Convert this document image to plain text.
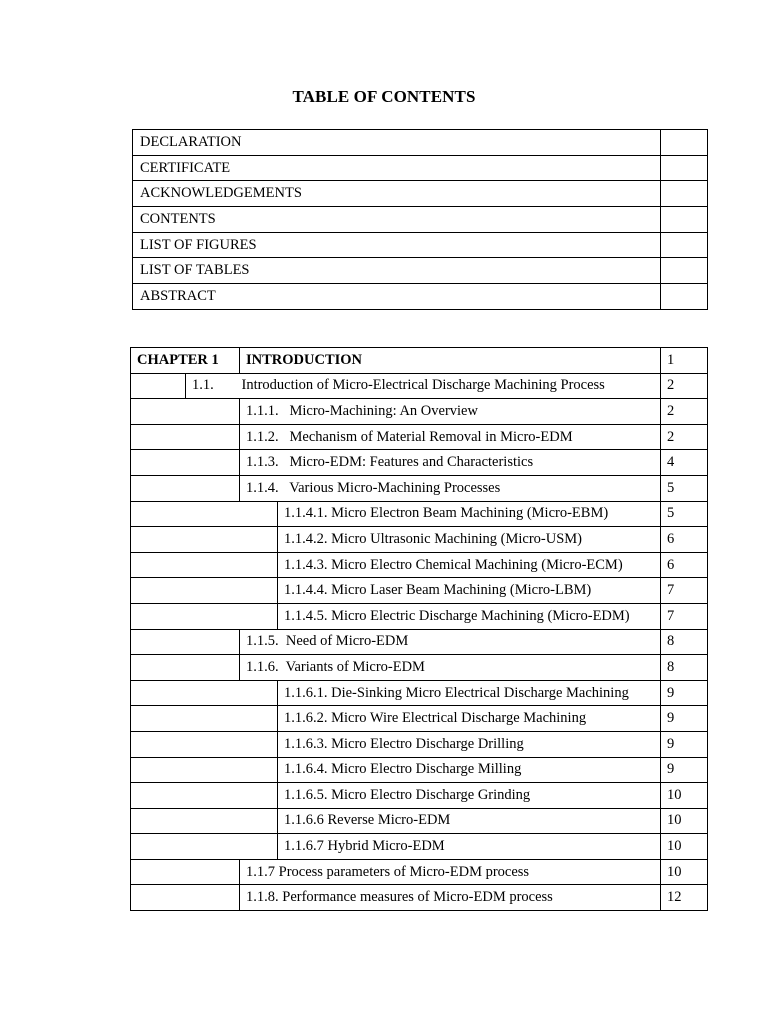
TABLE OF CONTENTS
DECLARATION	
CERTIFICATE	
ACKNOWLEDGEMENTS	
CONTENTS	
LIST OF FIGURES	
LIST OF TABLES	
ABSTRACT	
CHAPTER 1		INTRODUCTION		1
	1.1.	Introduction of Micro-Electrical Discharge Machining Process		2
		1.1.1.   Micro-Machining: An Overview		2
		1.1.2.   Mechanism of Material Removal in Micro-EDM		2
		1.1.3.   Micro-EDM: Features and Characteristics		4
		1.1.4.   Various Micro-Machining Processes		5
			1.1.4.1. Micro Electron Beam Machining (Micro-EBM)	5
			1.1.4.2. Micro Ultrasonic Machining (Micro-USM)	6
			1.1.4.3. Micro Electro Chemical Machining (Micro-ECM)	6
			1.1.4.4. Micro Laser Beam Machining (Micro-LBM)	7
			1.1.4.5. Micro Electric Discharge Machining (Micro-EDM)	7
		1.1.5.  Need of Micro-EDM		8
		1.1.6.  Variants of Micro-EDM		8
			1.1.6.1. Die-Sinking Micro Electrical Discharge Machining	9
			1.1.6.2. Micro Wire Electrical Discharge Machining	9
			1.1.6.3. Micro Electro Discharge Drilling	9
			1.1.6.4. Micro Electro Discharge Milling	9
			1.1.6.5. Micro Electro Discharge Grinding	10
			1.1.6.6 Reverse Micro-EDM	10
			1.1.6.7 Hybrid Micro-EDM	10
		1.1.7 Process parameters of Micro-EDM process		10
		1.1.8. Performance measures of Micro-EDM process		12
